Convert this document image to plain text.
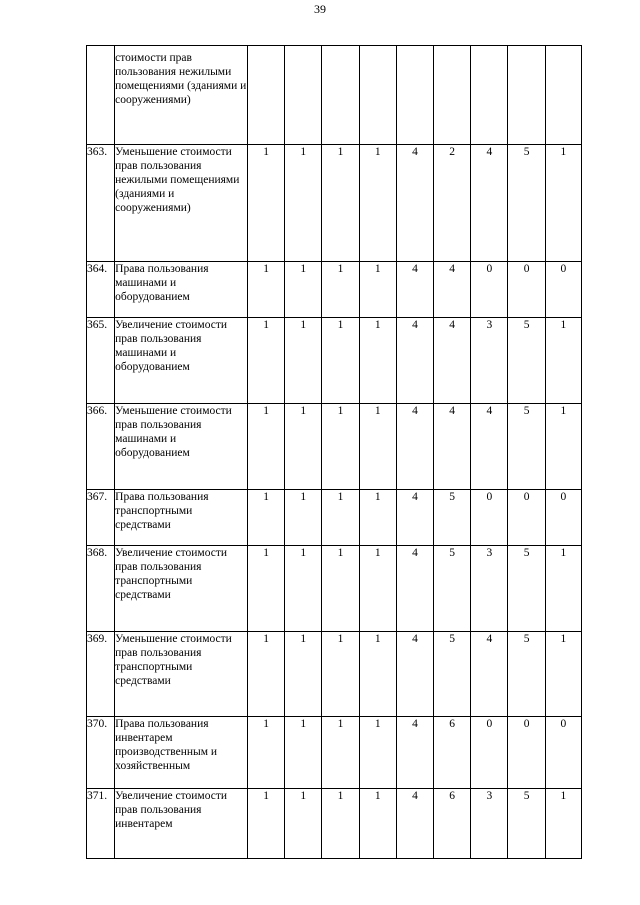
39
	стоимости прав пользования нежилыми помещениями (зданиями и сооружениями)									
363.	Уменьшение стоимости прав пользования нежилыми помещениями (зданиями и сооружениями)	1	1	1	1	4	2	4	5	1
364.	Права пользования машинами и оборудованием	1	1	1	1	4	4	0	0	0
365.	Увеличение стоимости прав пользования машинами и оборудованием	1	1	1	1	4	4	3	5	1
366.	Уменьшение стоимости прав пользования машинами и оборудованием	1	1	1	1	4	4	4	5	1
367.	Права пользования транспортными средствами	1	1	1	1	4	5	0	0	0
368.	Увеличение стоимости прав пользования транспортными средствами	1	1	1	1	4	5	3	5	1
369.	Уменьшение стоимости прав пользования транспортными средствами	1	1	1	1	4	5	4	5	1
370.	Права пользования инвентарем производственным и хозяйственным	1	1	1	1	4	6	0	0	0
371.	Увеличение стоимости прав пользования инвентарем	1	1	1	1	4	6	3	5	1
